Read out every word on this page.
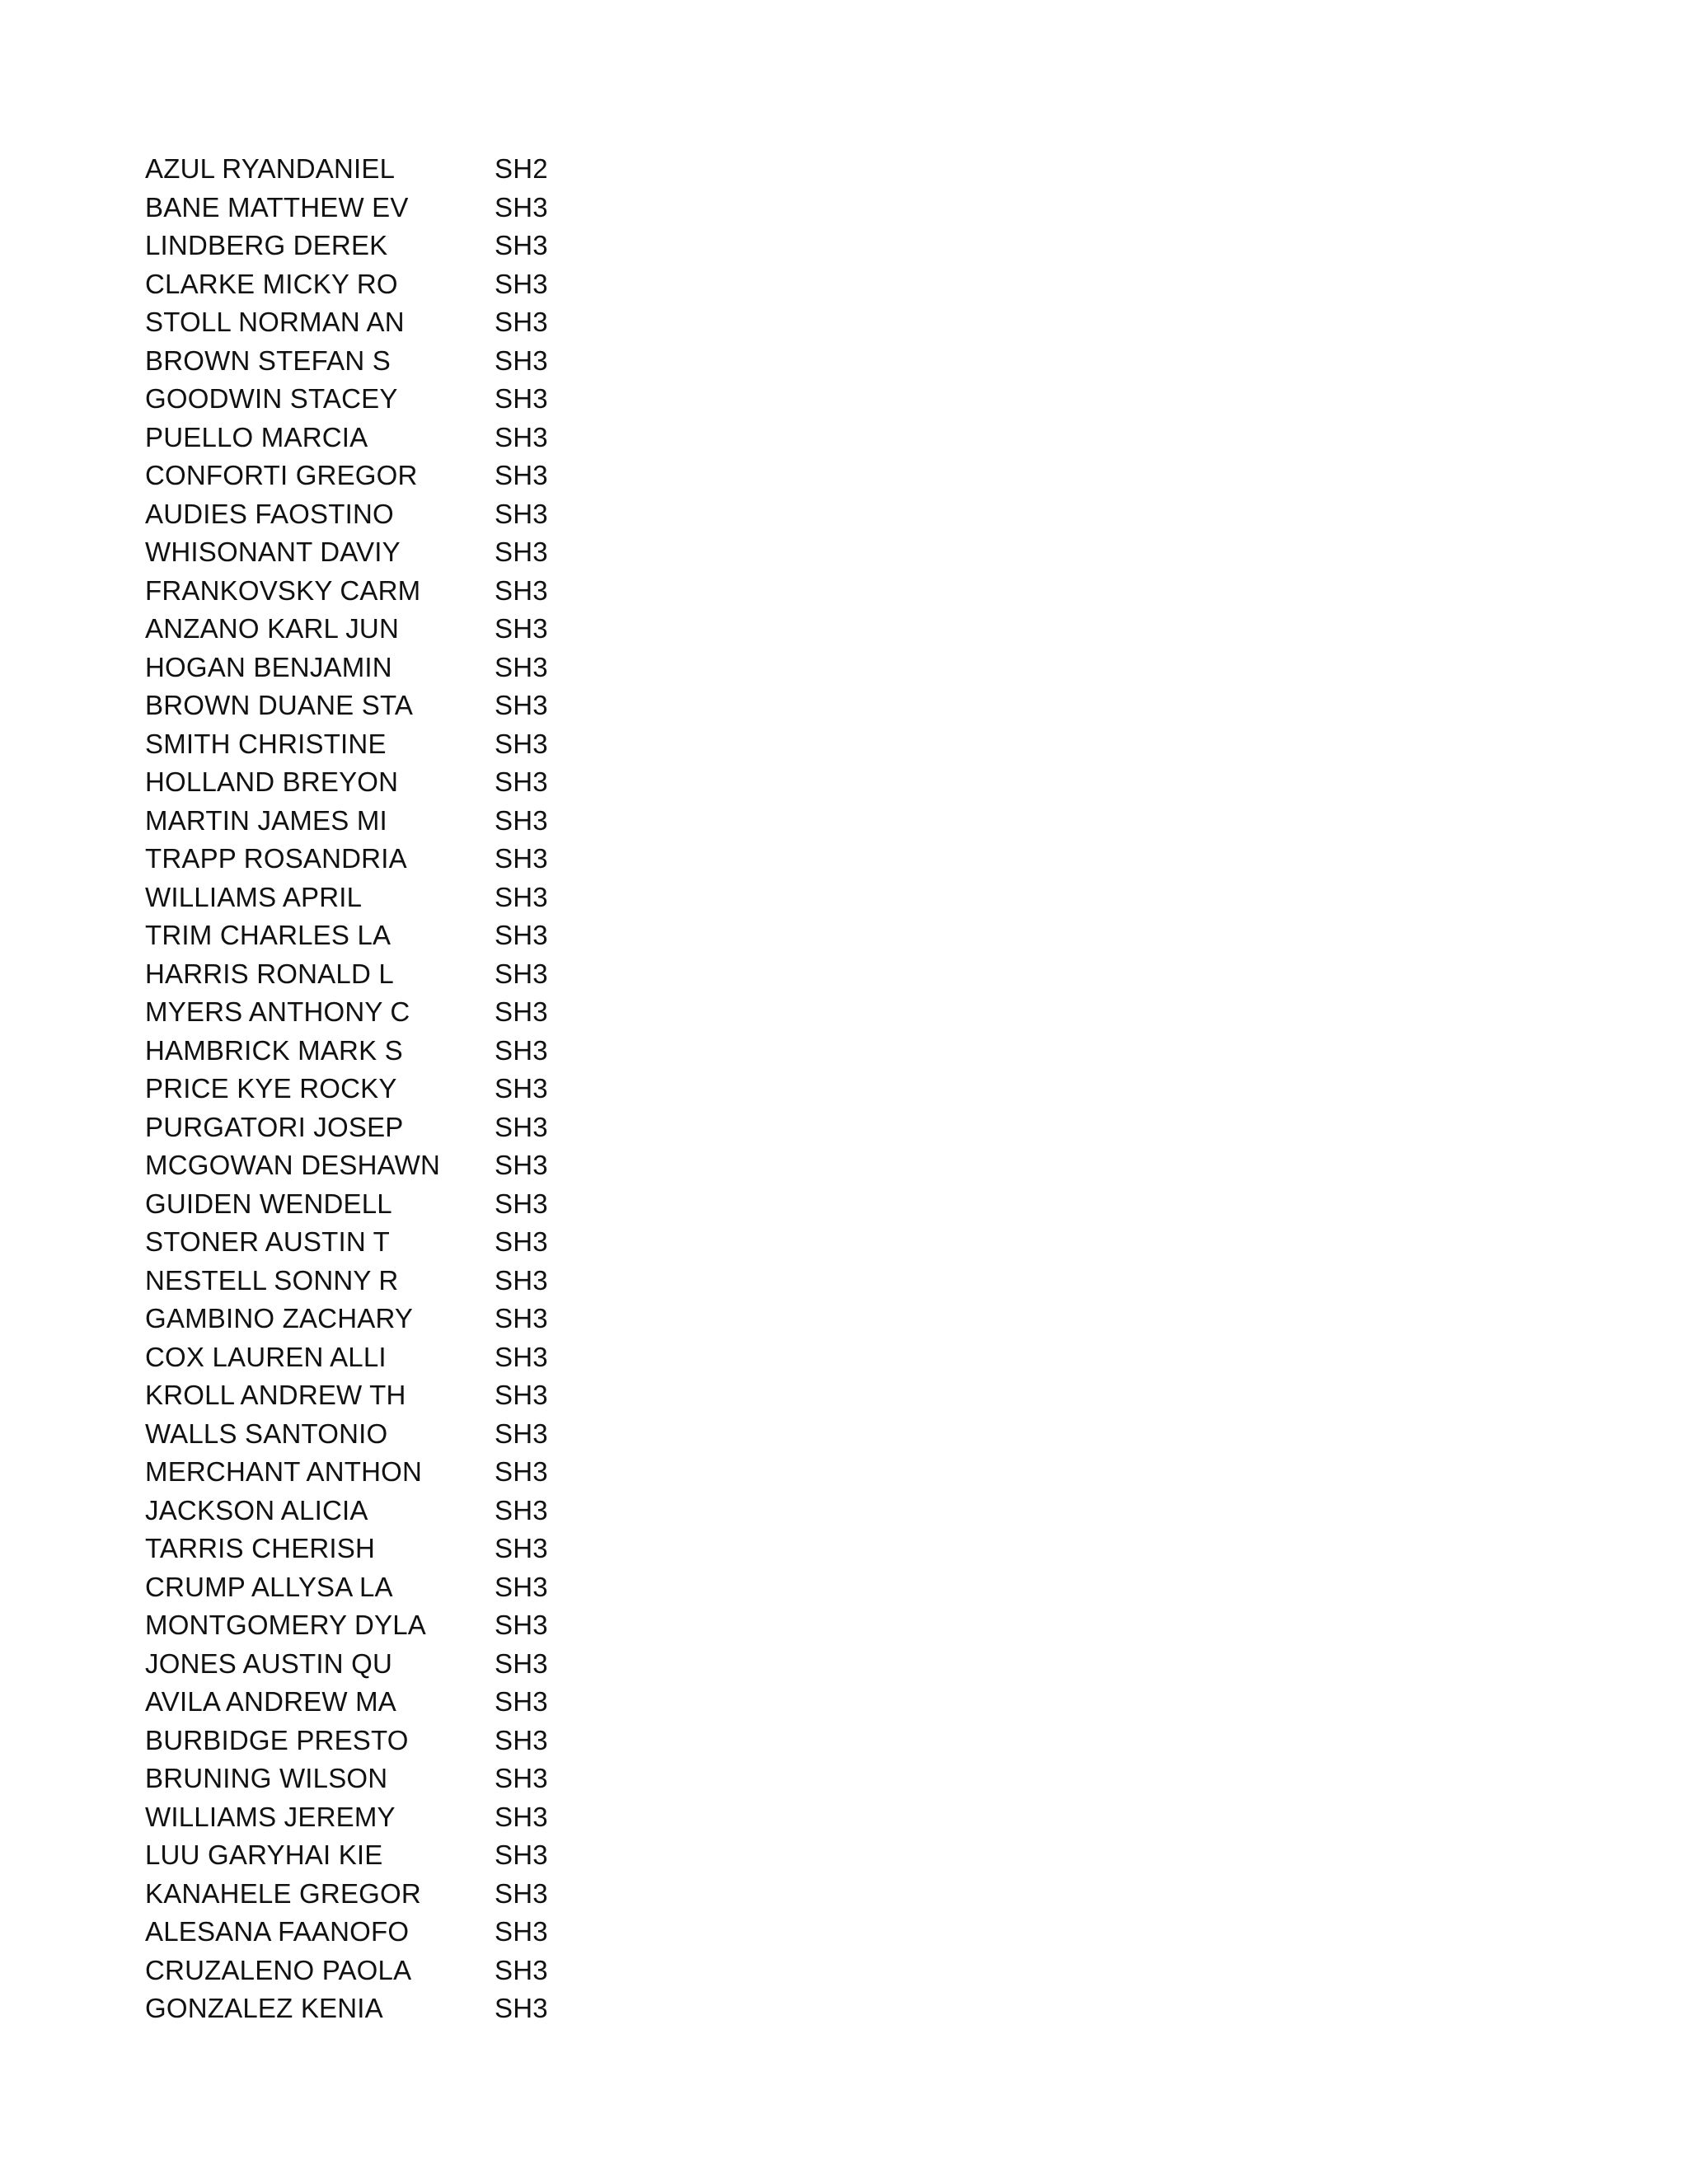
AZUL RYANDANIEL	SH2
BANE MATTHEW EV	SH3
LINDBERG DEREK	SH3
CLARKE MICKY RO	SH3
STOLL NORMAN AN	SH3
BROWN STEFAN S	SH3
GOODWIN STACEY	SH3
PUELLO MARCIA	SH3
CONFORTI GREGOR	SH3
AUDIES FAOSTINO	SH3
WHISONANT DAVIY	SH3
FRANKOVSKY CARM	SH3
ANZANO KARL JUN	SH3
HOGAN BENJAMIN	SH3
BROWN DUANE STA	SH3
SMITH CHRISTINE	SH3
HOLLAND BREYON	SH3
MARTIN JAMES MI	SH3
TRAPP ROSANDRIA	SH3
WILLIAMS APRIL	SH3
TRIM CHARLES LA	SH3
HARRIS RONALD L	SH3
MYERS ANTHONY C	SH3
HAMBRICK MARK S	SH3
PRICE KYE ROCKY	SH3
PURGATORI JOSEP	SH3
MCGOWAN DESHAWN	SH3
GUIDEN WENDELL	SH3
STONER AUSTIN T	SH3
NESTELL SONNY R	SH3
GAMBINO ZACHARY	SH3
COX LAUREN ALLI	SH3
KROLL ANDREW TH	SH3
WALLS SANTONIO	SH3
MERCHANT ANTHON	SH3
JACKSON ALICIA	SH3
TARRIS CHERISH	SH3
CRUMP ALLYSA LA	SH3
MONTGOMERY DYLA	SH3
JONES AUSTIN QU	SH3
AVILA ANDREW MA	SH3
BURBIDGE PRESTO	SH3
BRUNING WILSON	SH3
WILLIAMS JEREMY	SH3
LUU GARYHAI KIE	SH3
KANAHELE GREGOR	SH3
ALESANA FAANOFO	SH3
CRUZALENO PAOLA	SH3
GONZALEZ KENIA	SH3
